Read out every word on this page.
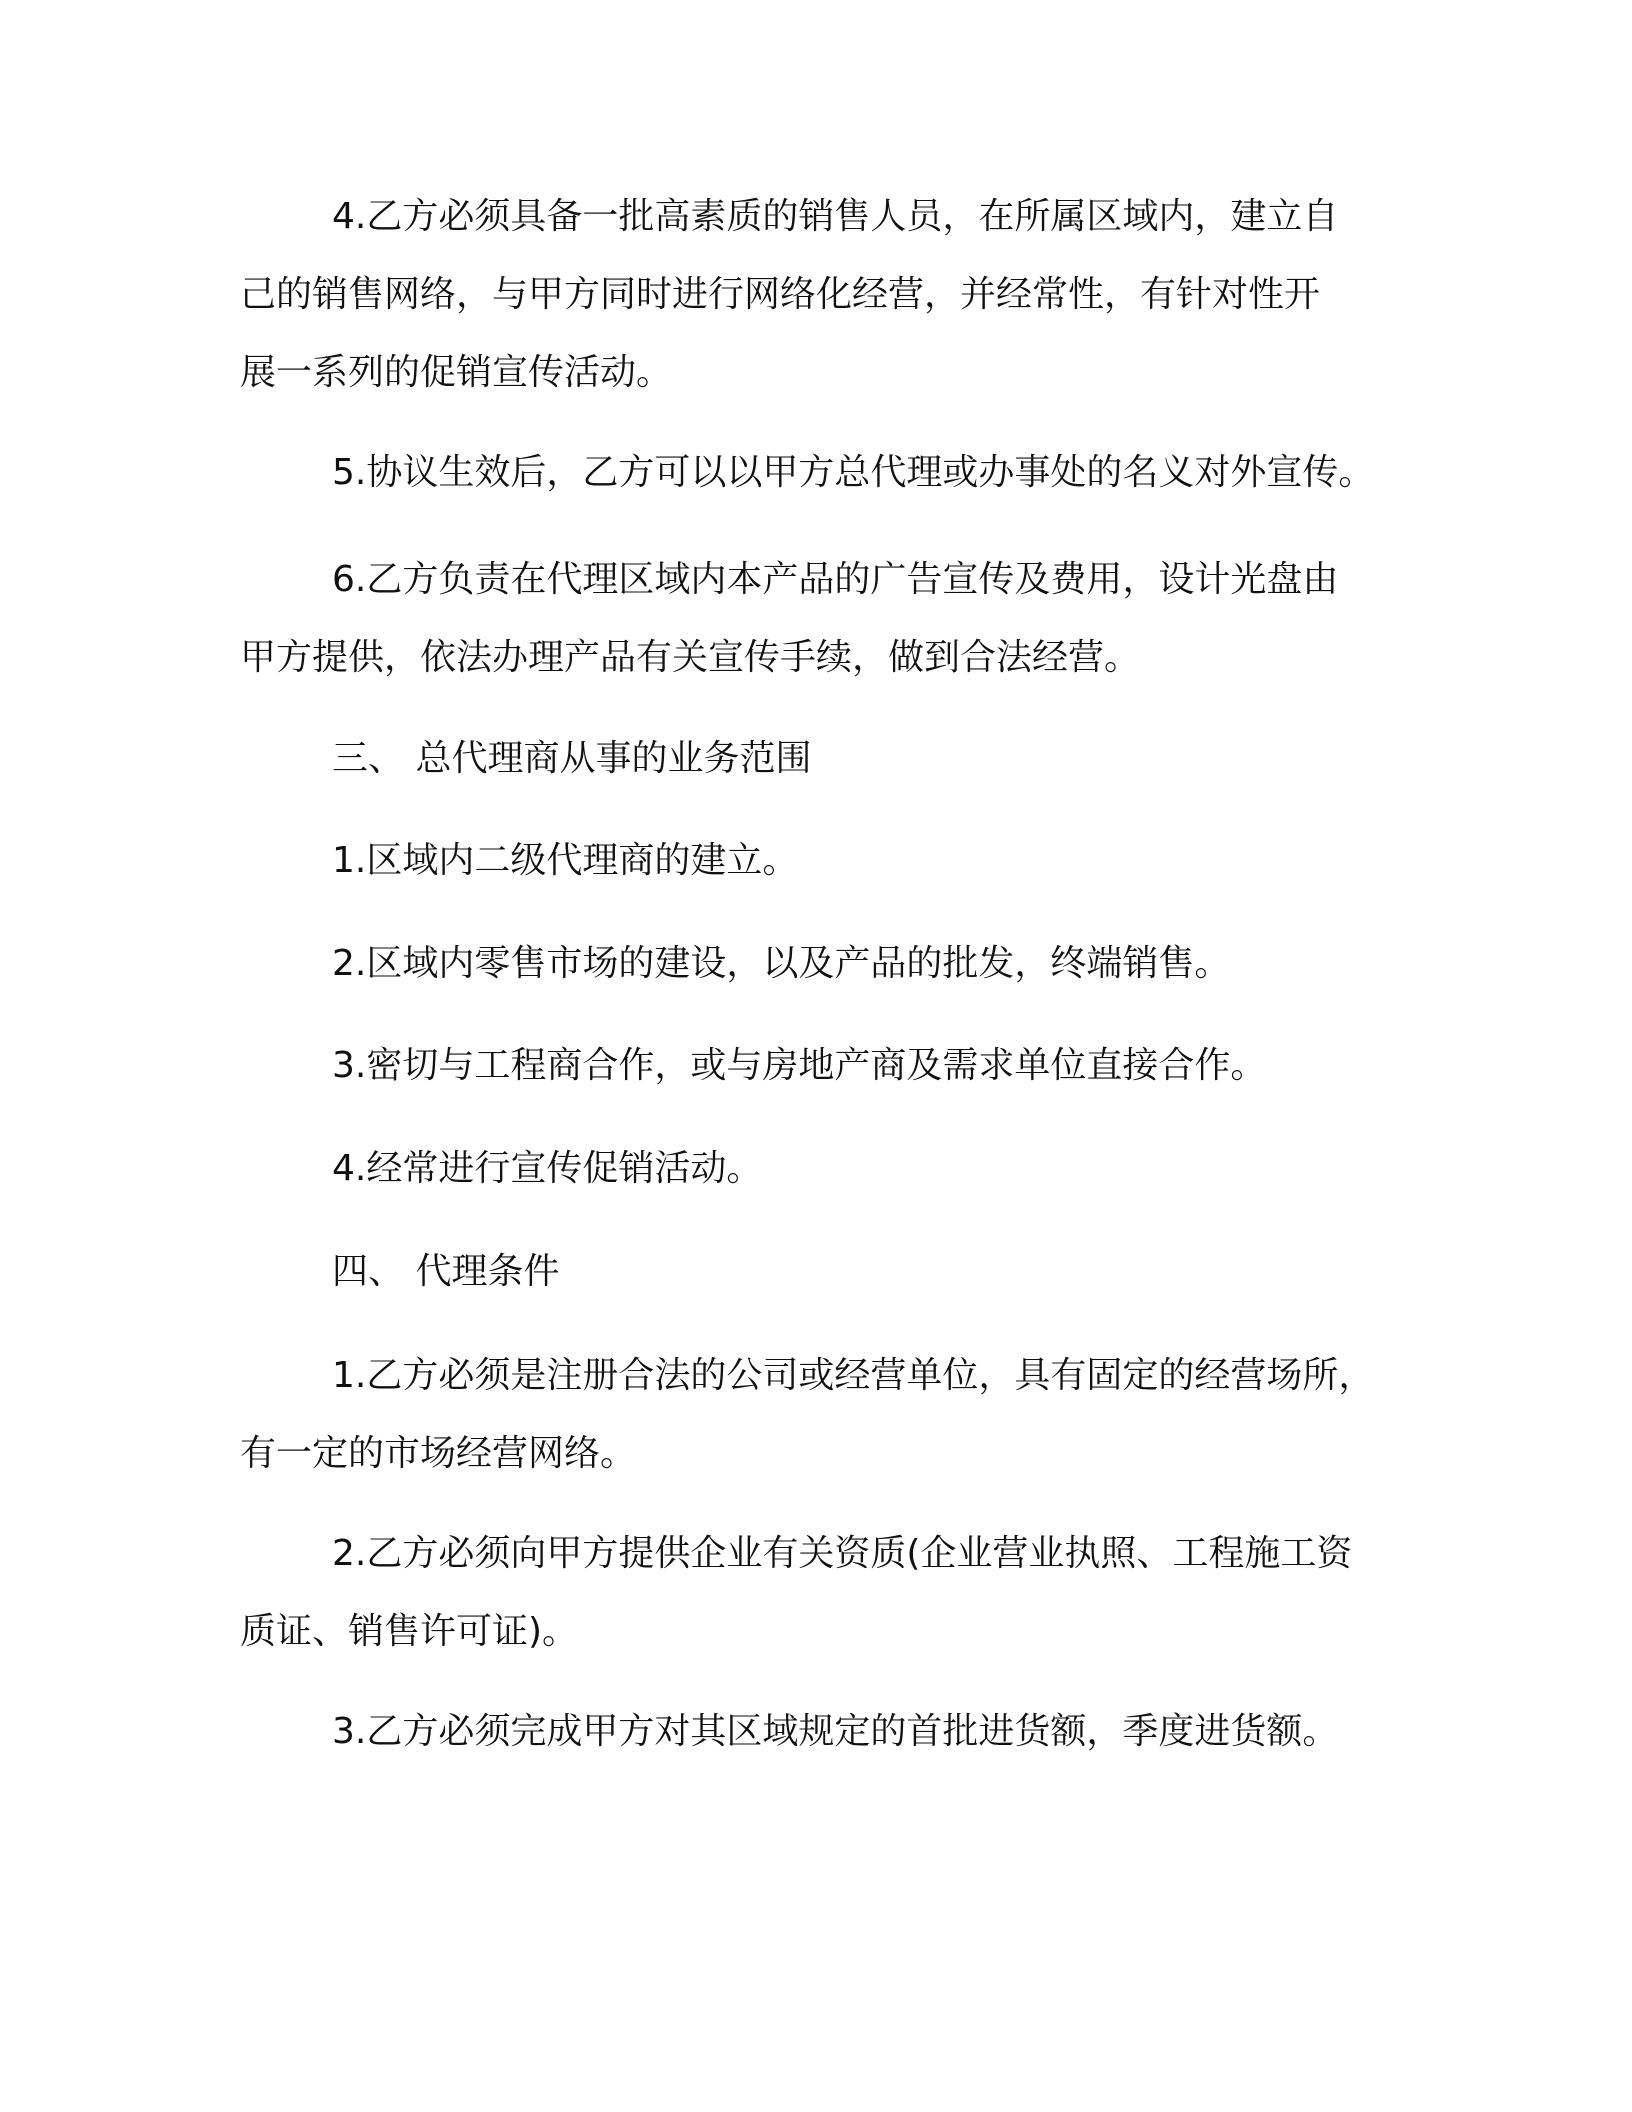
4.乙方必须具备一批高素质的销售人员，在所属区域内，建立自
己的销售网络，与甲方同时进行网络化经营，并经常性，有针对性开
展一系列的促销宣传活动。
5.协议生效后，乙方可以以甲方总代理或办事处的名义对外宣传。
6.乙方负责在代理区域内本产品的广告宣传及费用，设计光盘由
甲方提供，依法办理产品有关宣传手续，做到合法经营。
三、 总代理商从事的业务范围
1.区域内二级代理商的建立。
2.区域内零售市场的建设，以及产品的批发，终端销售。
3.密切与工程商合作，或与房地产商及需求单位直接合作。
4.经常进行宣传促销活动。
四、 代理条件
1.乙方必须是注册合法的公司或经营单位，具有固定的经营场所，
有一定的市场经营网络。
2.乙方必须向甲方提供企业有关资质(企业营业执照、工程施工资
质证、销售许可证)。
3.乙方必须完成甲方对其区域规定的首批进货额，季度进货额。
